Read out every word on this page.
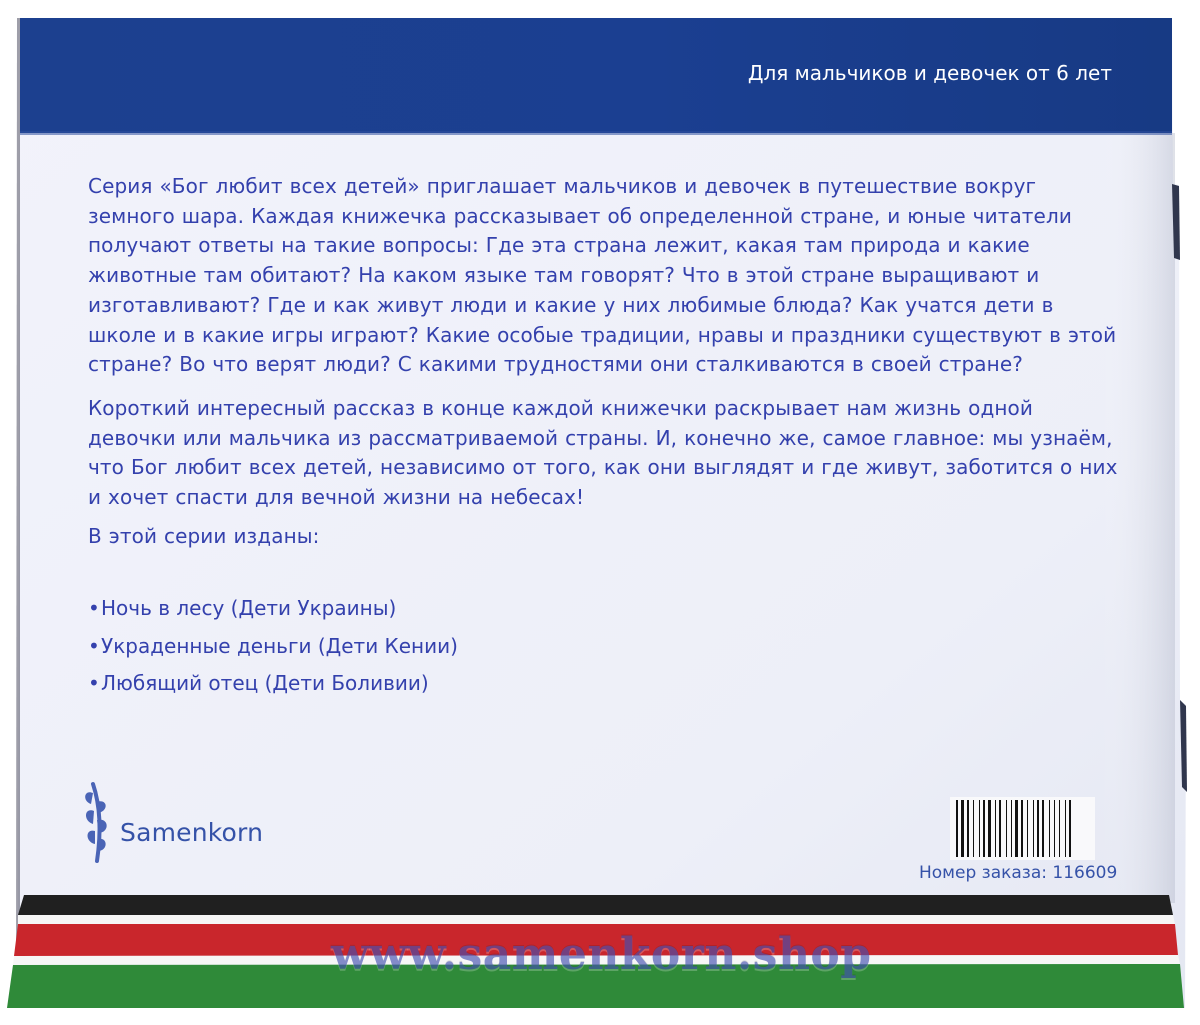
Для мальчиков и девочек от 6 лет
Серия «Бог любит всех детей» приглашает мальчиков и девочек в путешествие вокруг земного шара. Каждая книжечка рассказывает об определенной стране, и юные читатели получают ответы на такие вопросы: Где эта страна лежит, какая там природа и какие животные там обитают? На каком языке там говорят? Что в этой стране выращивают и изготавливают? Где и как живут люди и какие у них любимые блюда? Как учатся дети в школе и в какие игры играют? Какие особые традиции, нравы и праздники существуют в этой стране? Во что верят люди? С какими трудностями они сталкиваются в своей стране?
Короткий интересный рассказ в конце каждой книжечки раскрывает нам жизнь одной девочки или мальчика из рассматриваемой страны. И, конечно же, самое главное: мы узнаём, что Бог любит всех детей, независимо от того, как они выглядят и где живут, заботится о них и хочет спасти для вечной жизни на небесах!
В этой серии изданы:
•Ночь в лесу (Дети Украины)
•Украденные деньги (Дети Кении)
•Любящий отец (Дети Боливии)
Samenkorn
Номер заказа: 116609
www.samenkorn.shop
